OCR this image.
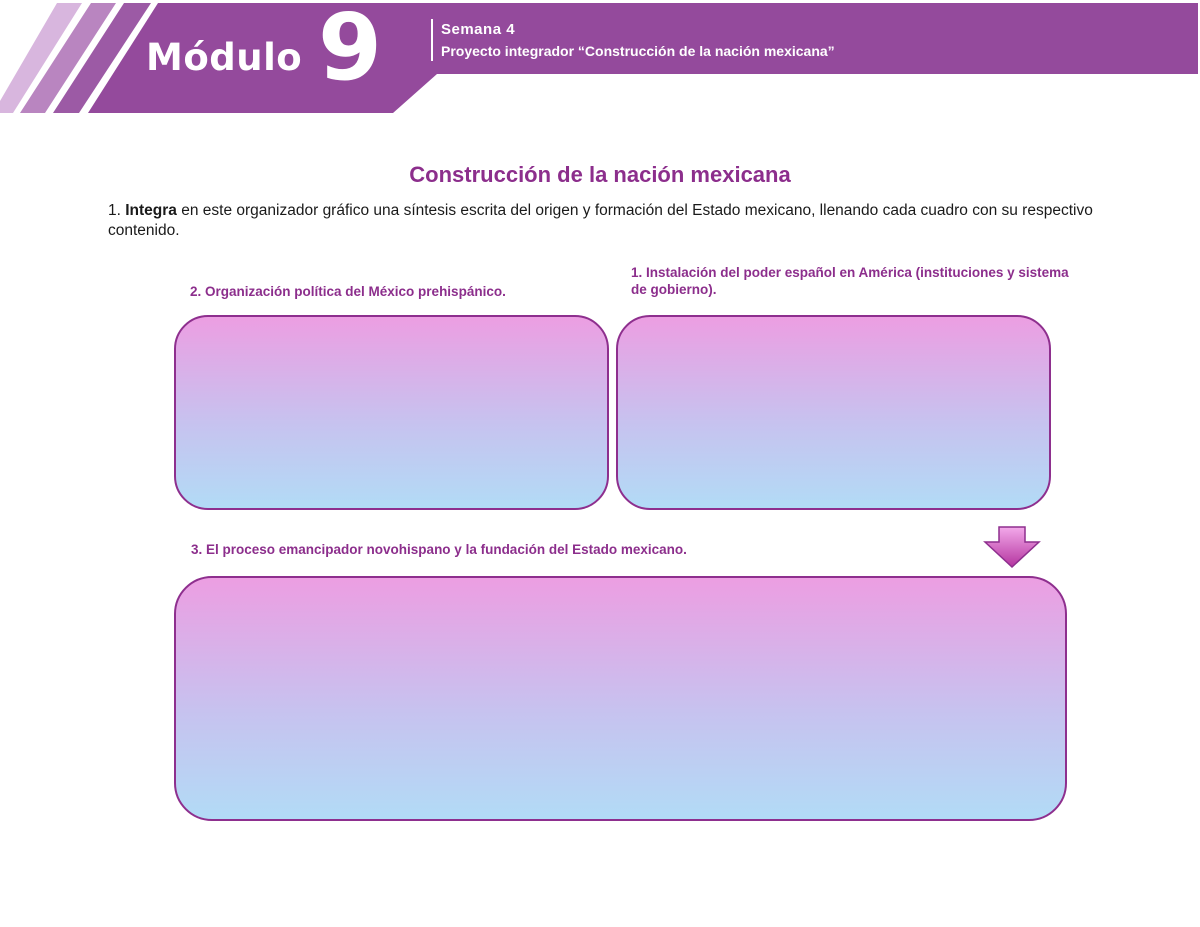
Módulo 9	Semana 4
Proyecto integrador “Construcción de la nación mexicana”
Construcción de la nación mexicana
1. Integra en este organizador gráfico una síntesis escrita del origen y formación del Estado mexicano, llenando cada cuadro con su respectivo contenido.
2. Organización política del México prehispánico.
1. Instalación del poder español en América (instituciones y sistema de gobierno).
3. El proceso emancipador novohispano y la fundación del Estado mexicano.
